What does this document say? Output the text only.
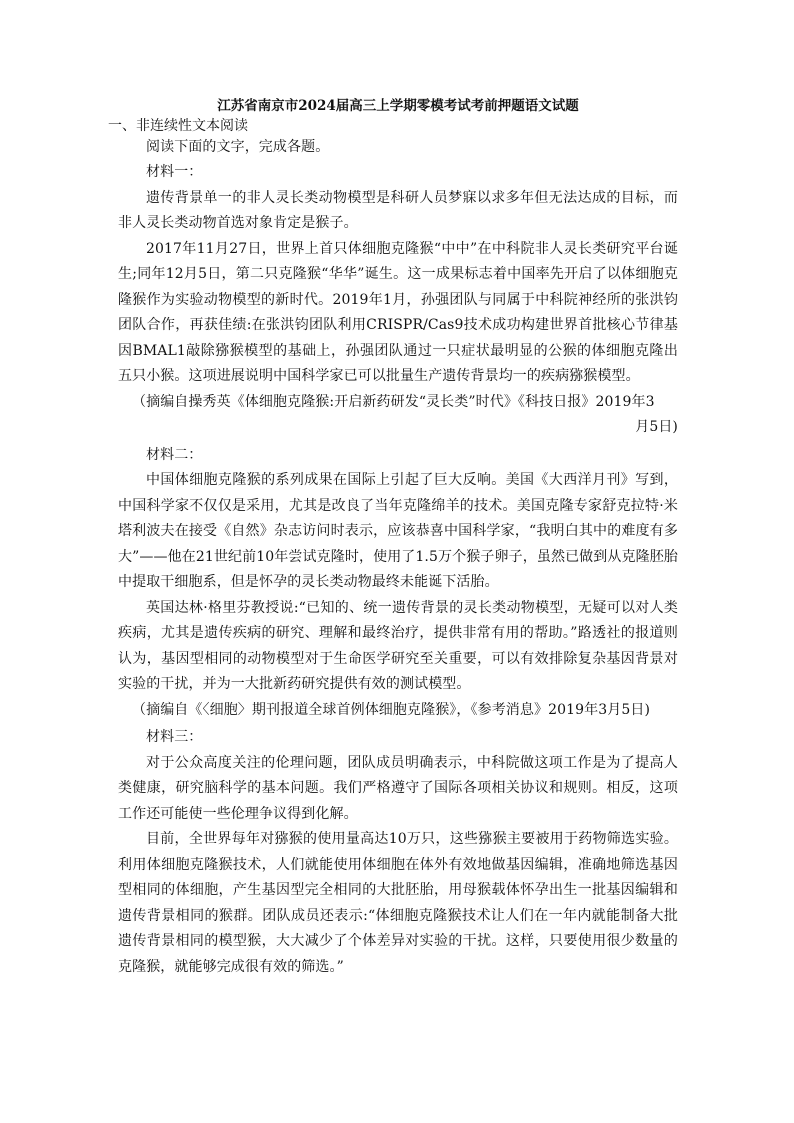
江苏省南京市2024届高三上学期零模考试考前押题语文试题
一、非连续性文本阅读

阅读下面的文字，完成各题。

材料一：

遗传背景单一的非人灵长类动物模型是科研人员梦寐以求多年但无法达成的目标，而非人灵长类动物首选对象肯定是猴子。

2017年11月27日，世界上首只体细胞克隆猴“中中”在中科院非人灵长类研究平台诞生;同年12月5日，第二只克隆猴“华华”诞生。这一成果标志着中国率先开启了以体细胞克隆猴作为实验动物模型的新时代。2019年1月，孙强团队与同属于中科院神经所的张洪钧团队合作，再获佳绩:在张洪钧团队利用CRISPR/Cas9技术成功构建世界首批核心节律基因BMAL1敲除猕猴模型的基础上，孙强团队通过一只症状最明显的公猴的体细胞克隆出五只小猴。这项进展说明中国科学家已可以批量生产遗传背景均一的疾病猕猴模型。

（摘编自操秀英《体细胞克隆猴:开启新药研发“灵长类”时代》《科技日报》2019年3

月5日)

材料二：

中国体细胞克隆猴的系列成果在国际上引起了巨大反响。美国《大西洋月刊》写到，中国科学家不仅仅是采用，尤其是改良了当年克隆绵羊的技术。美国克隆专家舒克拉特·米塔利波夫在接受《自然》杂志访问时表示，应该恭喜中国科学家，“我明白其中的难度有多大”——他在21世纪前10年尝试克隆时，使用了1.5万个猴子卵子，虽然已做到从克隆胚胎中提取干细胞系，但是怀孕的灵长类动物最终未能诞下活胎。

英国达林·格里芬教授说:“已知的、统一遗传背景的灵长类动物模型，无疑可以对人类疾病，尤其是遗传疾病的研究、理解和最终治疗，提供非常有用的帮助。”路透社的报道则认为，基因型相同的动物模型对于生命医学研究至关重要，可以有效排除复杂基因背景对实验的干扰，并为一大批新药研究提供有效的测试模型。

（摘编自《〈细胞〉期刊报道全球首例体细胞克隆猴》，《参考消息》2019年3月5日)

材料三：

对于公众高度关注的伦理问题，团队成员明确表示，中科院做这项工作是为了提高人类健康，研究脑科学的基本问题。我们严格遵守了国际各项相关协议和规则。相反，这项工作还可能使一些伦理争议得到化解。

目前，全世界每年对猕猴的使用量高达10万只，这些猕猴主要被用于药物筛选实验。利用体细胞克隆猴技术，人们就能使用体细胞在体外有效地做基因编辑，准确地筛选基因型相同的体细胞，产生基因型完全相同的大批胚胎，用母猴载体怀孕出生一批基因编辑和遗传背景相同的猴群。团队成员还表示:“体细胞克隆猴技术让人们在一年内就能制备大批遗传背景相同的模型猴，大大减少了个体差异对实验的干扰。这样，只要使用很少数量的克隆猴，就能够完成很有效的筛选。”
